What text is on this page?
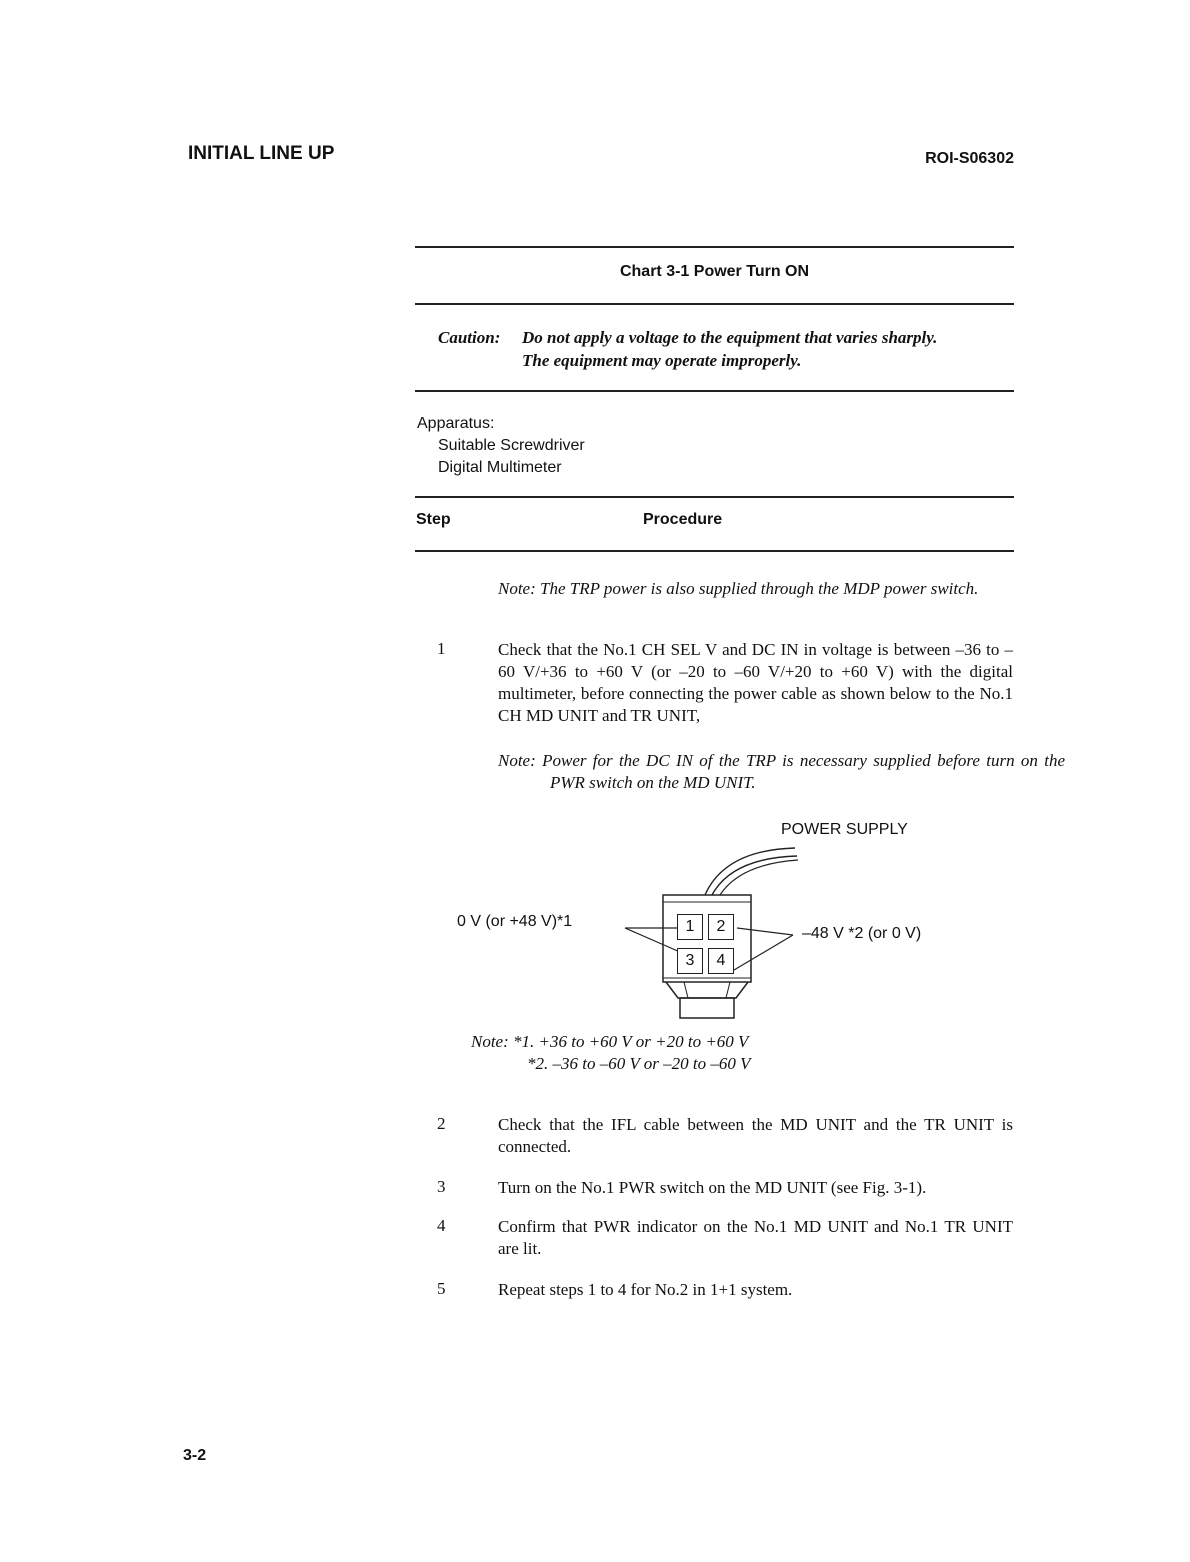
INITIAL LINE UP	ROI-S06302
Chart 3-1 Power Turn ON
Caution: Do not apply a voltage to the equipment that varies sharply.
The equipment may operate improperly.
Apparatus:
Suitable Screwdriver
Digital Multimeter
Step	Procedure
Note: The TRP power is also supplied through the MDP power switch.
1	Check that the No.1 CH SEL V and DC IN in voltage is between –36 to –60 V/+36 to +60 V (or –20 to –60 V/+20 to +60 V) with the digital multimeter, before connecting the power cable as shown below to the No.1 CH MD UNIT and TR UNIT,
Note: Power for the DC IN of the TRP is necessary supplied before turn on the PWR switch on the MD UNIT.
POWER SUPPLY
0 V (or +48 V)*1
–48 V *2 (or 0 V)
1	2
3	4
Note: *1. +36 to +60 V or +20 to +60 V
*2. –36 to –60 V or –20 to –60 V
2	Check that the IFL cable between the MD UNIT and the TR UNIT is connected.
3	Turn on the No.1 PWR switch on the MD UNIT (see Fig. 3-1).
4	Confirm that PWR indicator on the No.1 MD UNIT and No.1 TR UNIT are lit.
5	Repeat steps 1 to 4 for No.2 in 1+1 system.
3-2
